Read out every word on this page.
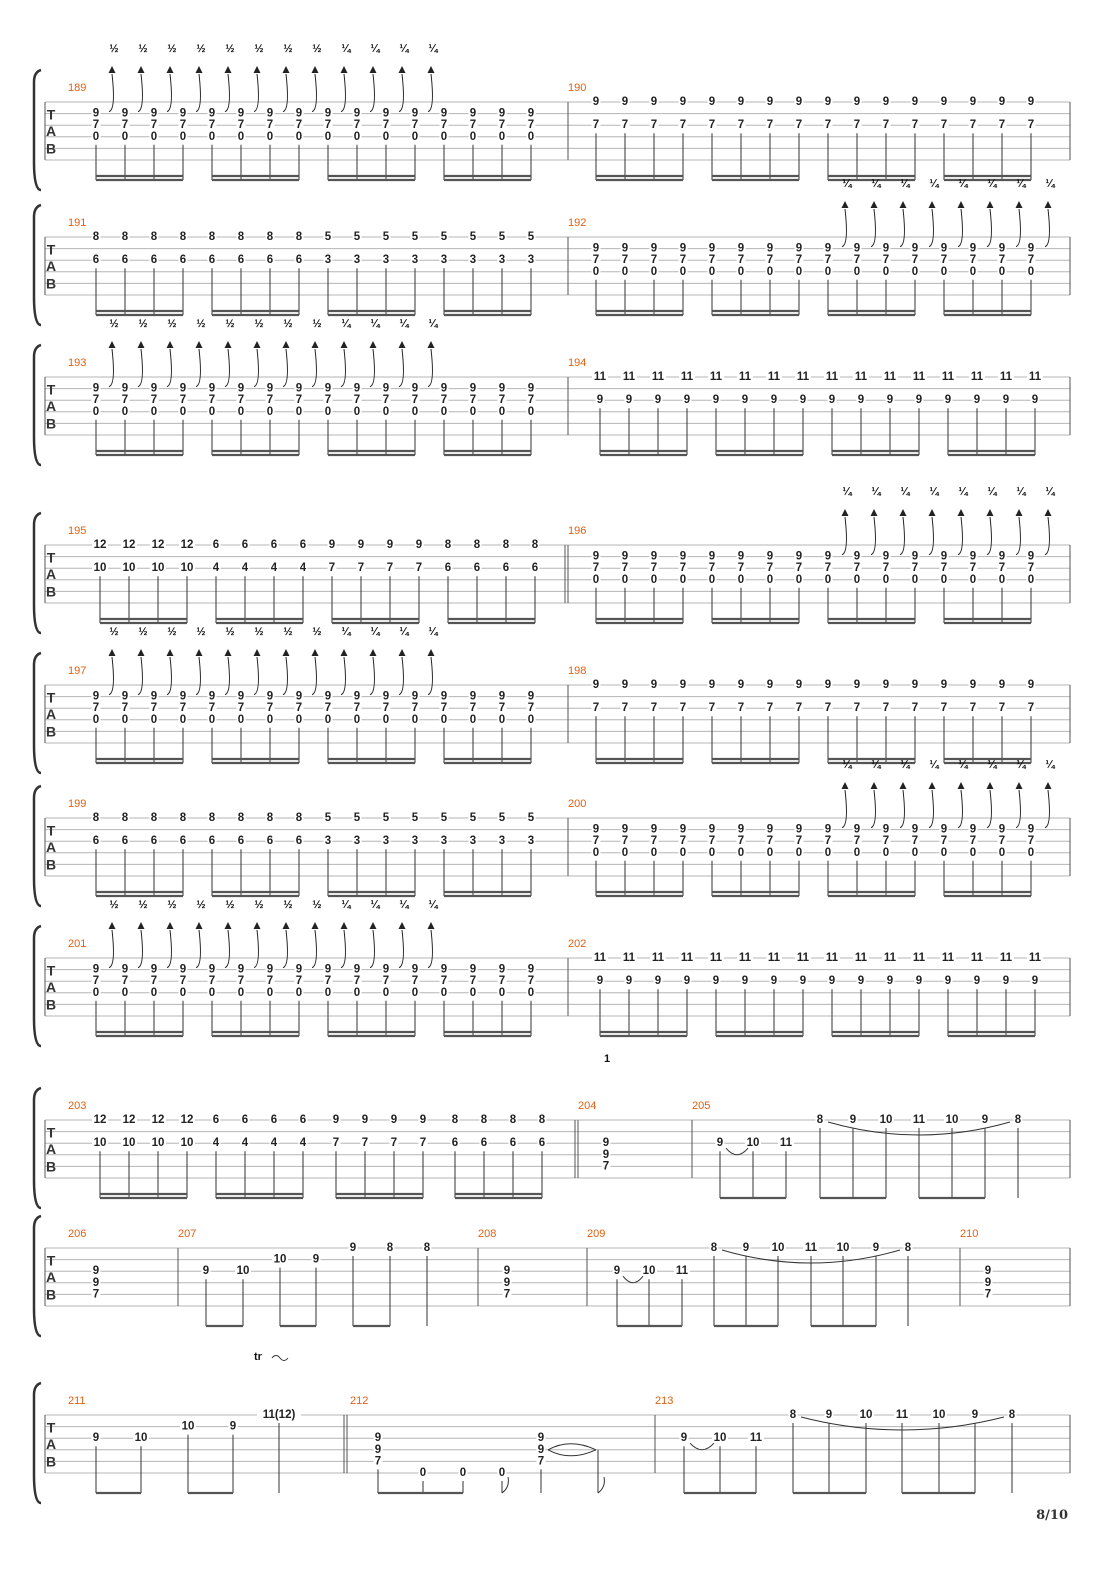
T
A
B
189	190
9
7
0
½
9
7
0
½
9
7
0
½
9
7
0
½
9
7
0
½
9
7
0
½
9
7
0
½
9
7
0
½
9
7
0
¼
9
7
0
¼
9
7
0
¼
9
7
0
¼
9
7
0
9
7
0
9
7
0
9
7
0
9
7
9
7
9
7
9
7
9
7
9
7
9
7
9
7
9
7
9
7
9
7
9
7
9
7
9
7
9
7
9
7
T
A
B
191	192
8
6
8
6
8
6
8
6
8
6
8
6
8
6
8
6
5
3
5
3
5
3
5
3
5
3
5
3
5
3
5
3
9
7
0
9
7
0
9
7
0
9
7
0
9
7
0
9
7
0
9
7
0
9
7
0
9
7
0
¼
9
7
0
¼
9
7
0
¼
9
7
0
¼
9
7
0
¼
9
7
0
¼
9
7
0
¼
9
7
0
¼
T
A
B
193	194
9
7
0
½
9
7
0
½
9
7
0
½
9
7
0
½
9
7
0
½
9
7
0
½
9
7
0
½
9
7
0
½
9
7
0
¼
9
7
0
¼
9
7
0
¼
9
7
0
¼
9
7
0
9
7
0
9
7
0
9
7
0
11
9
11
9
11
9
11
9
11
9
11
9
11
9
11
9
11
9
11
9
11
9
11
9
11
9
11
9
11
9
11
9
T
A
B
195	196
12
10
12
10
12
10
12
10
6
4
6
4
6
4
6
4
9
7
9
7
9
7
9
7
8
6
8
6
8
6
8
6
9
7
0
9
7
0
9
7
0
9
7
0
9
7
0
9
7
0
9
7
0
9
7
0
9
7
0
¼
9
7
0
¼
9
7
0
¼
9
7
0
¼
9
7
0
¼
9
7
0
¼
9
7
0
¼
9
7
0
¼
T
A
B
197	198
9
7
0
½
9
7
0
½
9
7
0
½
9
7
0
½
9
7
0
½
9
7
0
½
9
7
0
½
9
7
0
½
9
7
0
¼
9
7
0
¼
9
7
0
¼
9
7
0
¼
9
7
0
9
7
0
9
7
0
9
7
0
9
7
9
7
9
7
9
7
9
7
9
7
9
7
9
7
9
7
9
7
9
7
9
7
9
7
9
7
9
7
9
7
T
A
B
199	200
8
6
8
6
8
6
8
6
8
6
8
6
8
6
8
6
5
3
5
3
5
3
5
3
5
3
5
3
5
3
5
3
9
7
0
9
7
0
9
7
0
9
7
0
9
7
0
9
7
0
9
7
0
9
7
0
9
7
0
¼
9
7
0
¼
9
7
0
¼
9
7
0
¼
9
7
0
¼
9
7
0
¼
9
7
0
¼
9
7
0
¼
T
A
B
201	202
9
7
0
½
9
7
0
½
9
7
0
½
9
7
0
½
9
7
0
½
9
7
0
½
9
7
0
½
9
7
0
½
9
7
0
¼
9
7
0
¼
9
7
0
¼
9
7
0
¼
9
7
0
9
7
0
9
7
0
9
7
0
11
9
11
9
11
9
11
9
11
9
11
9
11
9
11
9
11
9
11
9
11
9
11
9
11
9
11
9
11
9
11
9
T
A
B
203	204	205
1
12
10
12
10
12
10
12
10
6
4
6
4
6
4
6
4
9
7
9
7
9
7
9
7
8
6
8
6
8
6
8
6	9
9
7
9 10 11
8 9 10 11 10 9 8
T
A
B
206	207	208	209	210
9
9
7
9 10
10 9
9	8	8
9
9
7
9 10 11
8 9 10 11 10 9 8
9
9
7
T
A
B
211	212	213
tr
9	10
10	9
11(12)
9
9
7
0	0	0
9
9
7
9 10 11
8	9 10 11 10 9	8
8/10
